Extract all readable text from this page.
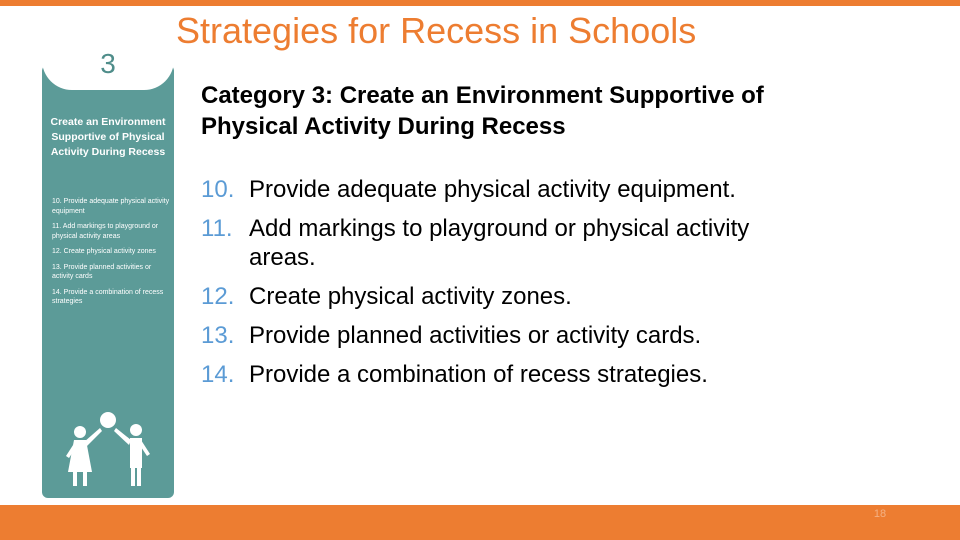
Strategies for Recess in Schools
3

Create an Environment Supportive of Physical Activity During Recess

10. Provide adequate physical activity equipment
11. Add markings to playground or physical activity areas
12. Create physical activity zones
13. Provide planned activities or activity cards
14. Provide a combination of recess strategies

Category 3: Create an Environment Supportive of Physical Activity During Recess

10. Provide adequate physical activity equipment.
11. Add markings to playground or physical activity areas.
12. Create physical activity zones.
13. Provide planned activities or activity cards.
14. Provide a combination of recess strategies.
18
